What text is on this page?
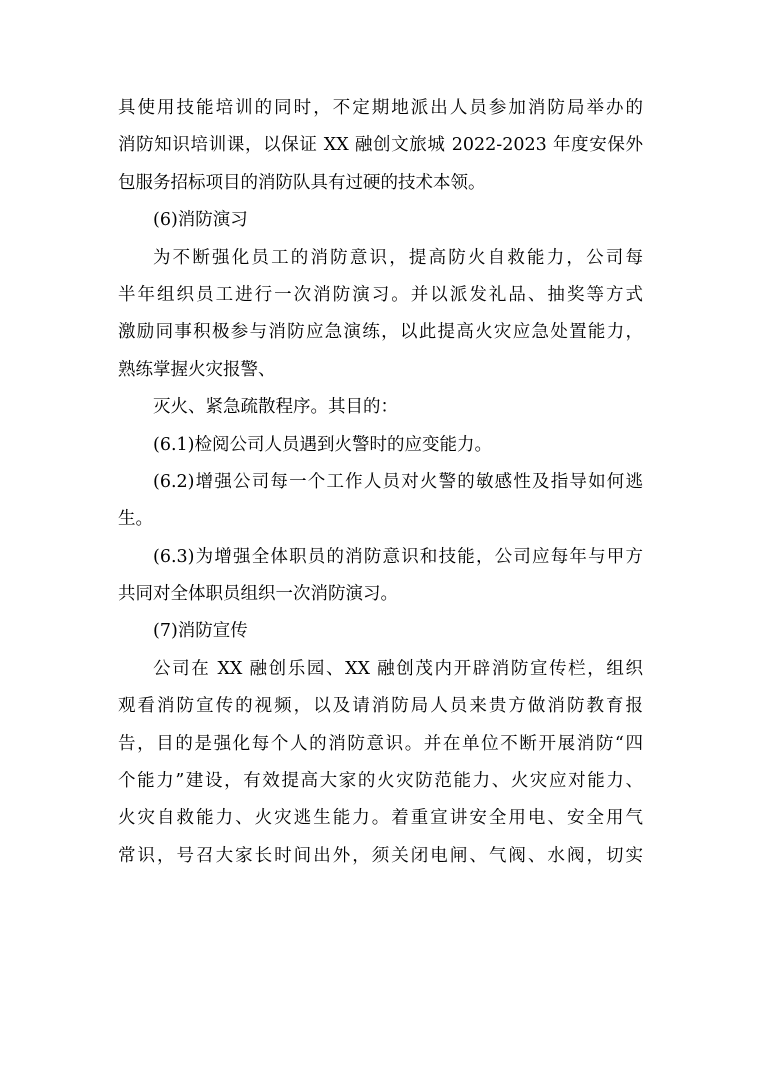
具使用技能培训的同时，不定期地派出人员参加消防局举办的
消防知识培训课，以保证 XX 融创文旅城 2022-2023 年度安保外
包服务招标项目的消防队具有过硬的技术本领。
(6)消防演习
为不断强化员工的消防意识，提高防火自救能力，公司每
半年组织员工进行一次消防演习。并以派发礼品、抽奖等方式
激励同事积极参与消防应急演练，以此提高火灾应急处置能力，
熟练掌握火灾报警、
灭火、紧急疏散程序。其目的：
(6.1)检阅公司人员遇到火警时的应变能力。
(6.2)增强公司每一个工作人员对火警的敏感性及指导如何逃
生。
(6.3)为增强全体职员的消防意识和技能，公司应每年与甲方
共同对全体职员组织一次消防演习。
(7)消防宣传
公司在 XX 融创乐园、XX 融创茂内开辟消防宣传栏，组织
观看消防宣传的视频，以及请消防局人员来贵方做消防教育报
告，目的是强化每个人的消防意识。并在单位不断开展消防“四
个能力”建设，有效提高大家的火灾防范能力、火灾应对能力、
火灾自救能力、火灾逃生能力。着重宣讲安全用电、安全用气
常识，号召大家长时间出外，须关闭电闸、气阀、水阀，切实
